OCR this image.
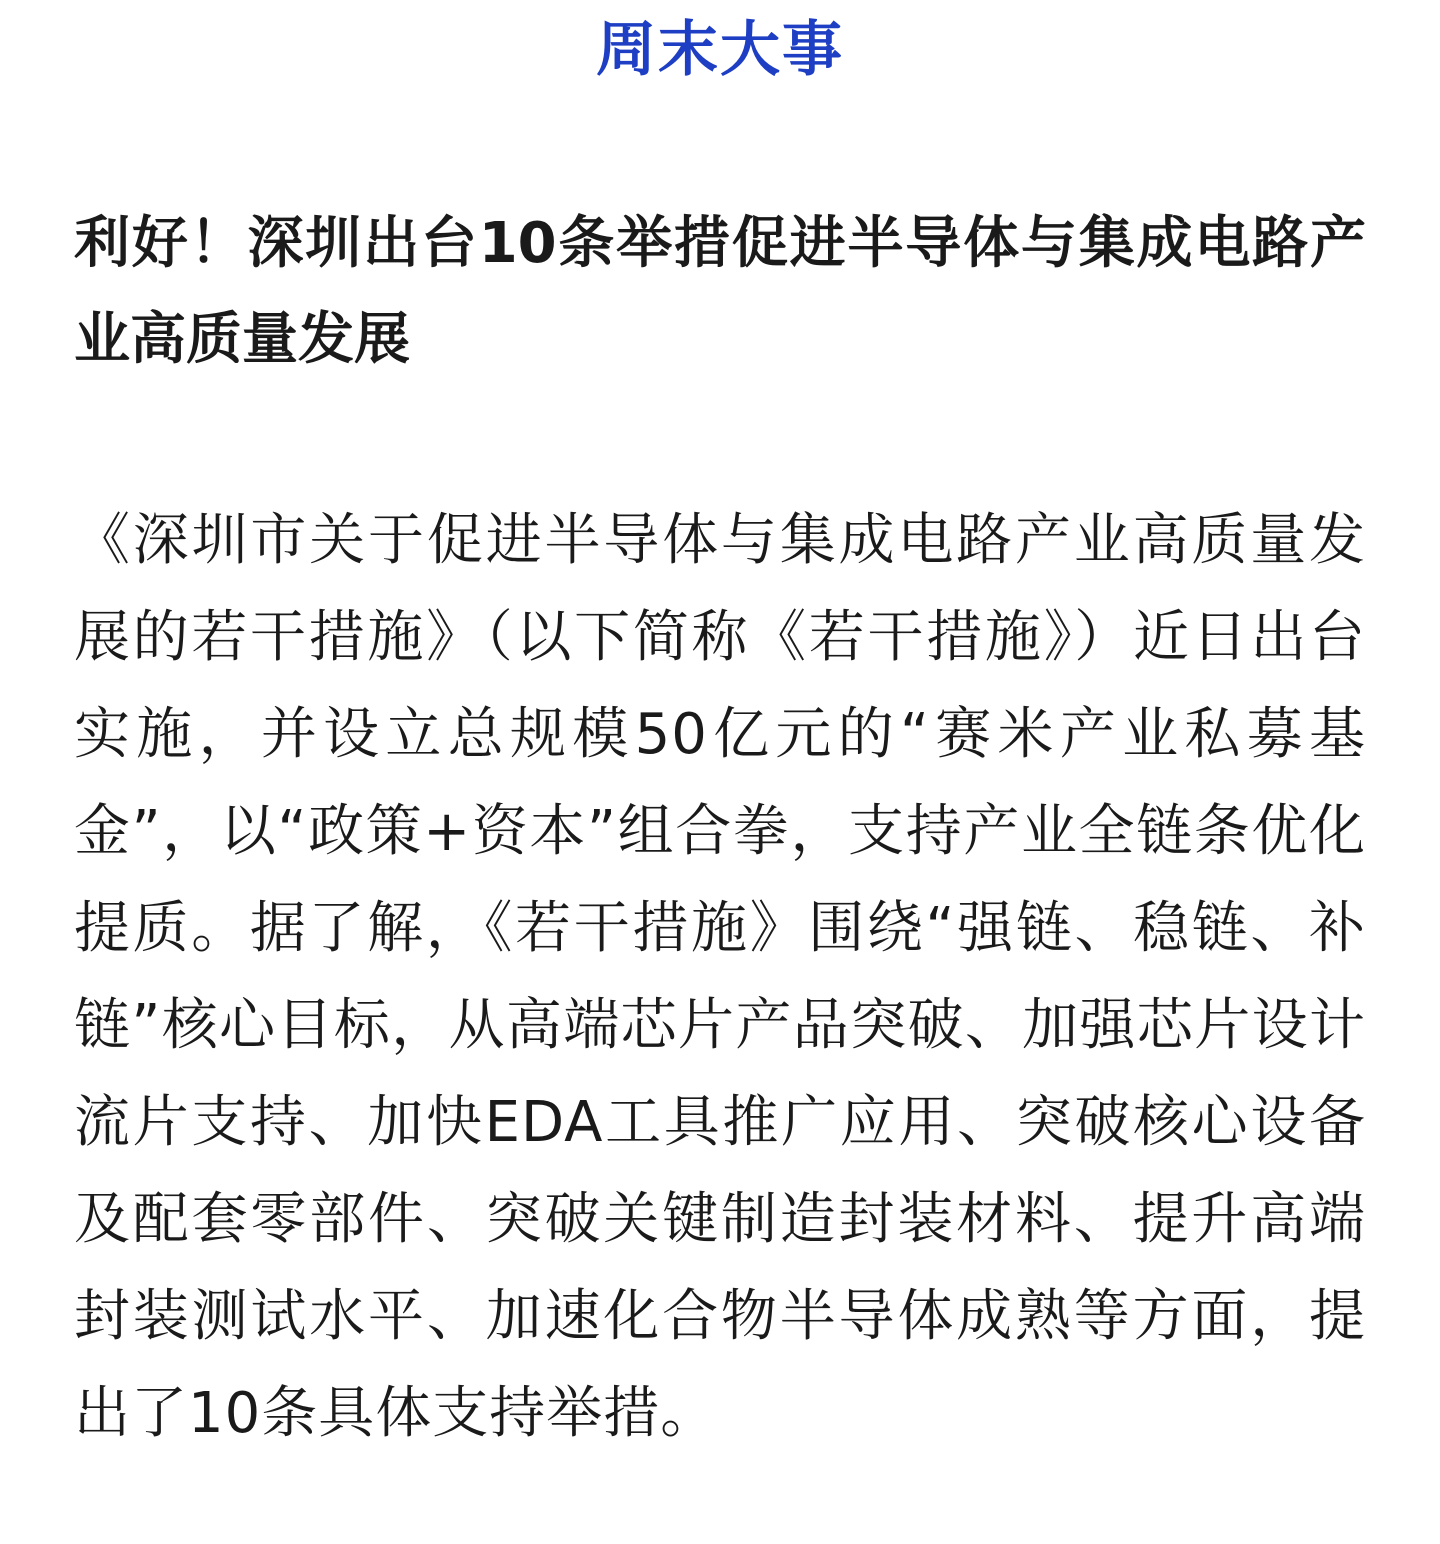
周末大事
利好！深圳出台10条举措促进半导体与集成电路产业高质量发展

《深圳市关于促进半导体与集成电路产业高质量发展的若干措施》（以下简称《若干措施》）近日出台实施，并设立总规模50亿元的“赛米产业私募基金”，以“政策+资本”组合拳，支持产业全链条优化提质。据了解，《若干措施》围绕“强链、稳链、补链”核心目标，从高端芯片产品突破、加强芯片设计流片支持、加快EDA工具推广应用、突破核心设备及配套零部件、突破关键制造封装材料、提升高端封装测试水平、加速化合物半导体成熟等方面，提出了10条具体支持举措。
